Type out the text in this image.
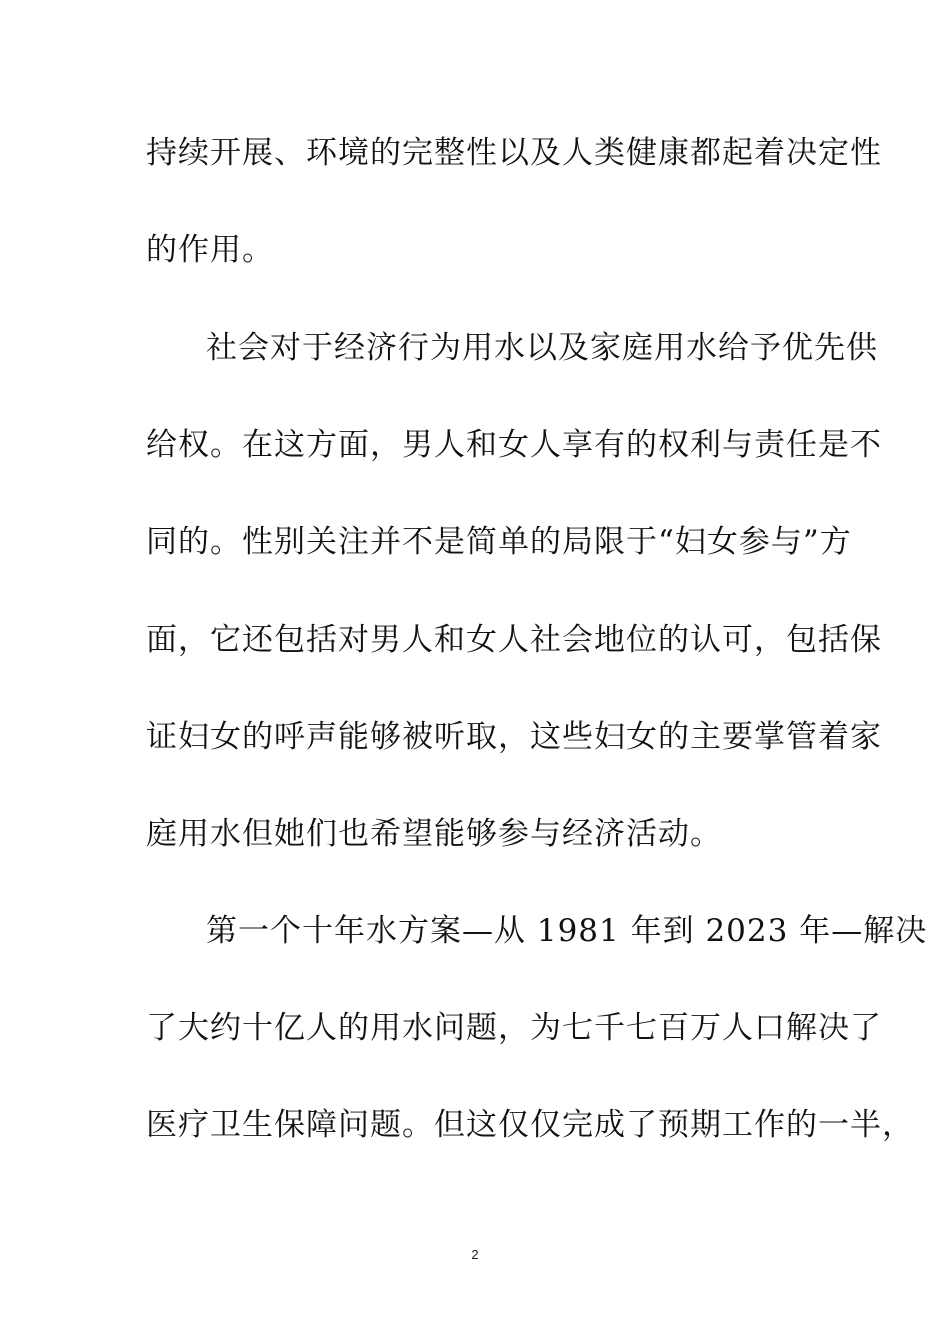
持续开展、环境的完整性以及人类健康都起着决定性
的作用。
社会对于经济行为用水以及家庭用水给予优先供
给权。在这方面，男人和女人享有的权利与责任是不
同的。性别关注并不是简单的局限于“妇女参与”方
面，它还包括对男人和女人社会地位的认可，包括保
证妇女的呼声能够被听取，这些妇女的主要掌管着家
庭用水但她们也希望能够参与经济活动。
第一个十年水方案—从 1981 年到 2023 年—解决
了大约十亿人的用水问题，为七千七百万人口解决了
医疗卫生保障问题。但这仅仅完成了预期工作的一半，
2
